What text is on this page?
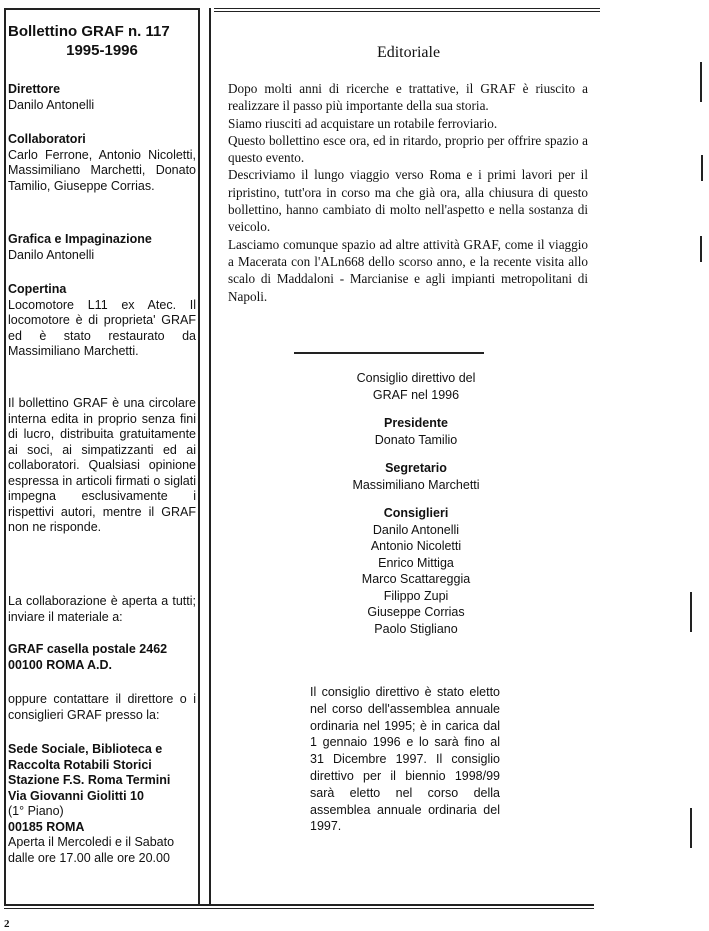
Bollettino GRAF n. 117
1995-1996
Direttore
Danilo Antonelli
Collaboratori
Carlo Ferrone, Antonio Nicoletti, Massimiliano Marchetti, Donato Tamilio, Giuseppe Corrias.
Grafica e Impaginazione
Danilo Antonelli
Copertina
Locomotore L11 ex Atec. Il locomotore è di proprieta' GRAF ed è stato restaurato da Massimiliano Marchetti.
Il bollettino GRAF è una circolare interna edita in proprio senza fini di lucro, distribuita gratuitamente ai soci, ai simpatizzanti ed ai collaboratori. Qualsiasi opinione espressa in articoli firmati o siglati impegna esclusivamente i rispettivi autori, mentre il GRAF non ne risponde.
La collaborazione è aperta a tutti; inviare il materiale a:
GRAF casella postale 2462
00100 ROMA A.D.
oppure contattare il direttore o i consiglieri GRAF presso la:
Sede Sociale, Biblioteca e Raccolta Rotabili Storici
Stazione F.S. Roma Termini
Via Giovanni Giolitti 10
(1° Piano)
00185 ROMA
Aperta il Mercoledi e il Sabato dalle ore 17.00 alle ore 20.00
Editoriale

Dopo molti anni di ricerche e trattative, il GRAF è riuscito a realizzare il passo più importante della sua storia.

Siamo riusciti ad acquistare un rotabile ferroviario.

Questo bollettino esce ora, ed in ritardo, proprio per offrire spazio a questo evento.

Descriviamo il lungo viaggio verso Roma e i primi lavori per il ripristino, tutt'ora in corso ma che già ora, alla chiusura di questo bollettino, hanno cambiato di molto nell'aspetto e nella sostanza di veicolo.

Lasciamo comunque spazio ad altre attività GRAF, come il viaggio a Macerata con l'ALn668 dello scorso anno, e la recente visita allo scalo di Maddaloni - Marcianise e agli impianti metropolitani di Napoli.

Consiglio direttivo del
GRAF nel 1996
Presidente
Donato Tamilio
Segretario
Massimiliano Marchetti
Consiglieri
Danilo Antonelli
Antonio Nicoletti
Enrico Mittiga
Marco Scattareggia
Filippo Zupi
Giuseppe Corrias
Paolo Stigliano
Il consiglio direttivo è stato eletto nel corso dell'assemblea annuale ordinaria nel 1995; è in carica dal 1 gennaio 1996 e lo sarà fino al 31 Dicembre 1997. Il consiglio direttivo per il biennio 1998/99 sarà eletto nel corso della assemblea annuale ordinaria del 1997.
2
